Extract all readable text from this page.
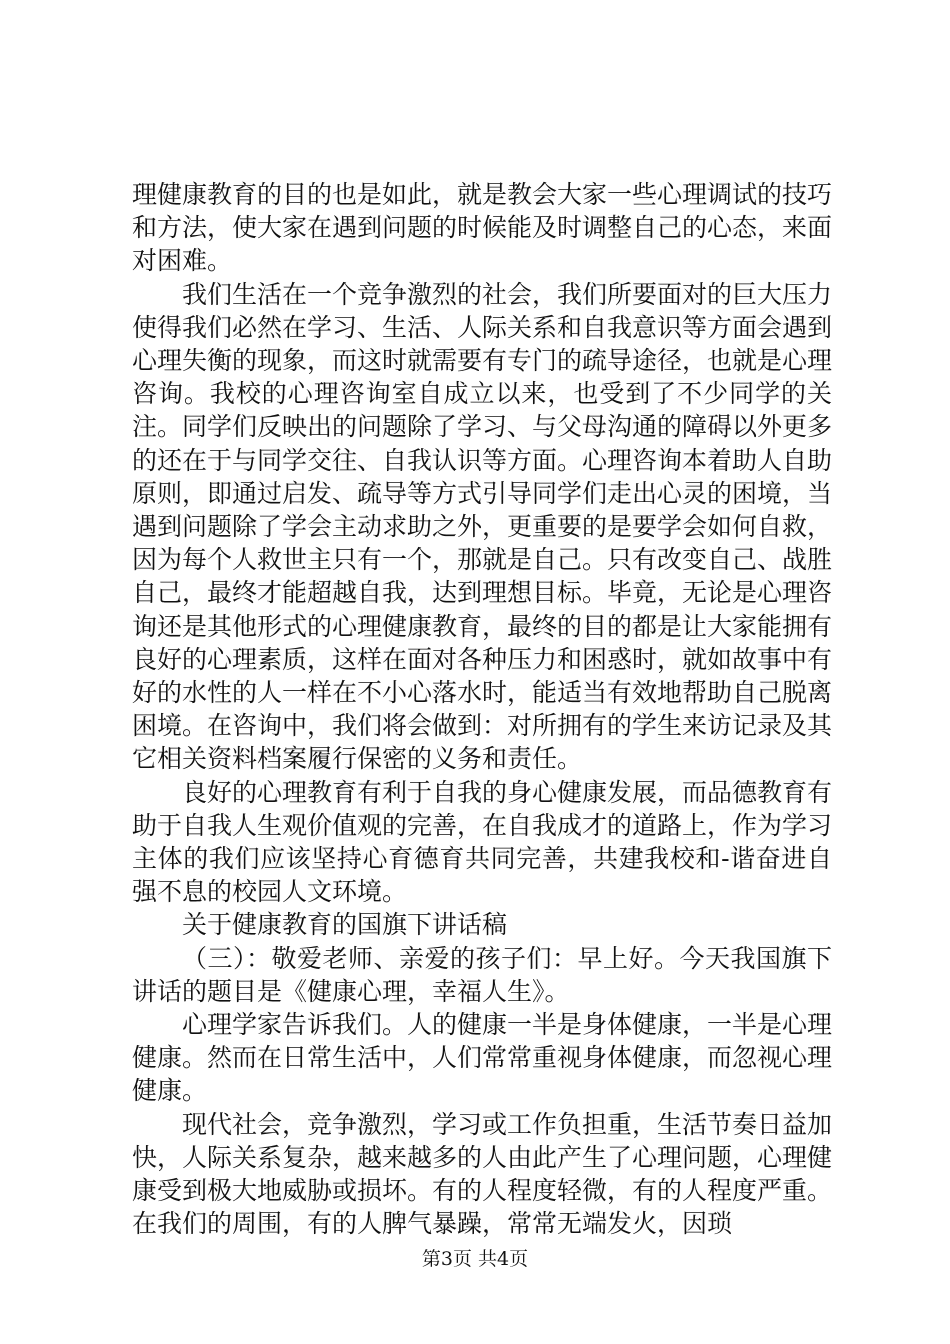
理健康教育的目的也是如此，就是教会大家一些心理调试的技巧和方法，使大家在遇到问题的时候能及时调整自己的心态，来面对困难。

我们生活在一个竞争激烈的社会，我们所要面对的巨大压力使得我们必然在学习、生活、人际关系和自我意识等方面会遇到心理失衡的现象，而这时就需要有专门的疏导途径，也就是心理咨询。我校的心理咨询室自成立以来，也受到了不少同学的关注。同学们反映出的问题除了学习、与父母沟通的障碍以外更多的还在于与同学交往、自我认识等方面。心理咨询本着助人自助原则，即通过启发、疏导等方式引导同学们走出心灵的困境，当遇到问题除了学会主动求助之外，更重要的是要学会如何自救，因为每个人救世主只有一个，那就是自己。只有改变自己、战胜自己，最终才能超越自我，达到理想目标。毕竟，无论是心理咨询还是其他形式的心理健康教育，最终的目的都是让大家能拥有良好的心理素质，这样在面对各种压力和困惑时，就如故事中有好的水性的人一样在不小心落水时，能适当有效地帮助自己脱离困境。在咨询中，我们将会做到：对所拥有的学生来访记录及其它相关资料档案履行保密的义务和责任。

良好的心理教育有利于自我的身心健康发展，而品德教育有助于自我人生观价值观的完善，在自我成才的道路上，作为学习主体的我们应该坚持心育德育共同完善，共建我校和-谐奋进自强不息的校园人文环境。

关于健康教育的国旗下讲话稿

（三）：敬爱老师、亲爱的孩子们：早上好。今天我国旗下讲话的题目是《健康心理，幸福人生》。

心理学家告诉我们。人的健康一半是身体健康，一半是心理健康。然而在日常生活中，人们常常重视身体健康，而忽视心理健康。

现代社会，竞争激烈，学习或工作负担重，生活节奏日益加快，人际关系复杂，越来越多的人由此产生了心理问题，心理健康受到极大地威胁或损坏。有的人程度轻微，有的人程度严重。在我们的周围，有的人脾气暴躁，常常无端发火，因琐

第3页 共4页
